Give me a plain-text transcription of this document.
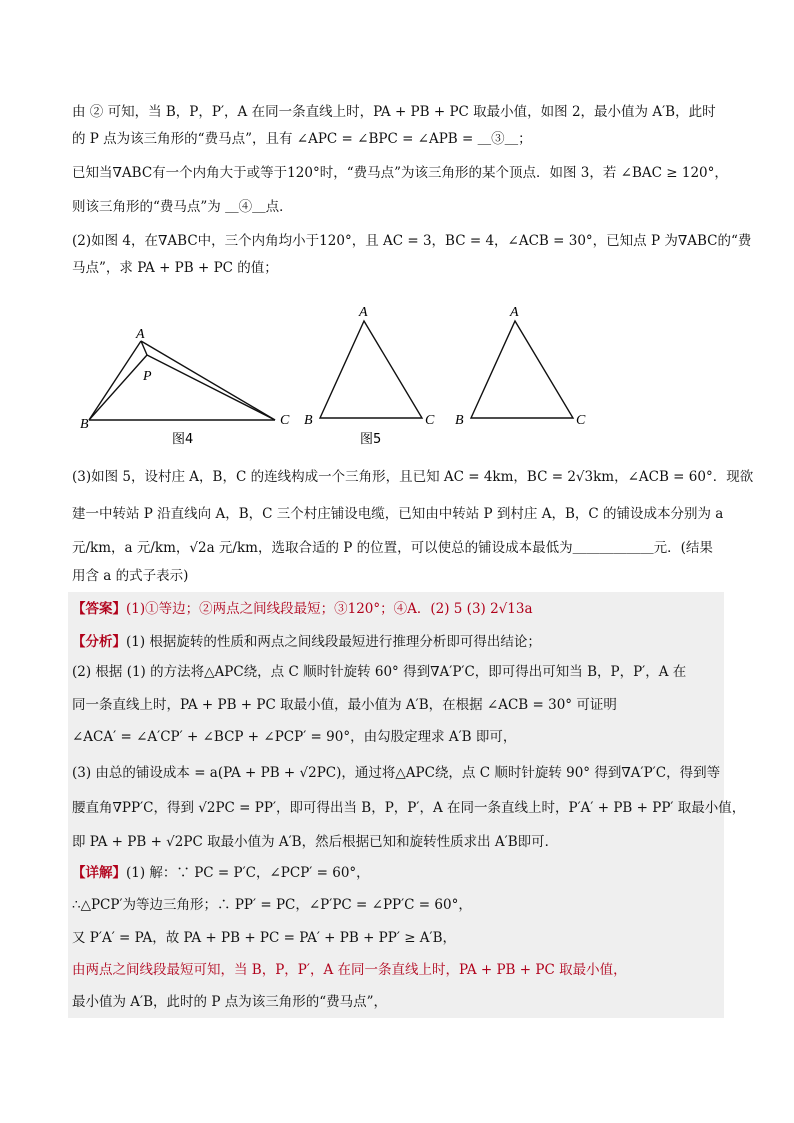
由 ② 可知，当 B，P，P′，A 在同一条直线上时，PA + PB + PC 取最小值，如图 2，最小值为 A′B，此时
的 P 点为该三角形的“费马点”，且有 ∠APC = ∠BPC = ∠APB = ＿③＿；
已知当∇ABC有一个内角大于或等于120°时，“费马点”为该三角形的某个顶点．如图 3，若 ∠BAC ≥ 120°，
则该三角形的“费马点”为 ＿④＿点．
(2)如图 4，在∇ABC中，三个内角均小于120°，且 AC = 3，BC = 4，∠ACB = 30°，已知点 P 为∇ABC的“费
马点”，求 PA + PB + PC 的值；
A
P
B	C
图4
A
B	C
图5
A
B	C
(3)如图 5，设村庄 A，B，C 的连线构成一个三角形，且已知 AC = 4km，BC = 2√3km，∠ACB = 60°．现欲
建一中转站 P 沿直线向 A，B，C 三个村庄铺设电缆，已知由中转站 P 到村庄 A，B，C 的铺设成本分别为 a
元/km，a 元/km，√2a 元/km，选取合适的 P 的位置，可以使总的铺设成本最低为＿＿＿＿＿＿元．(结果
用含 a 的式子表示)
【答案】(1)①等边；②两点之间线段最短；③120°；④A．(2) 5 (3) 2√13a
【分析】(1) 根据旋转的性质和两点之间线段最短进行推理分析即可得出结论；
(2) 根据 (1) 的方法将△APC绕，点 C 顺时针旋转 60° 得到∇A′P′C，即可得出可知当 B，P，P′，A 在
同一条直线上时，PA + PB + PC 取最小值，最小值为 A′B，在根据 ∠ACB = 30° 可证明
∠ACA′ = ∠A′CP′ + ∠BCP + ∠PCP′ = 90°，由勾股定理求 A′B 即可，
(3) 由总的铺设成本 = a(PA + PB + √2PC)，通过将△APC绕，点 C 顺时针旋转 90° 得到∇A′P′C，得到等
腰直角∇PP′C，得到 √2PC = PP′，即可得出当 B，P，P′，A 在同一条直线上时，P′A′ + PB + PP′ 取最小值，
即 PA + PB + √2PC 取最小值为 A′B，然后根据已知和旋转性质求出 A′B即可．
【详解】(1) 解：∵ PC = P′C，∠PCP′ = 60°，
∴△PCP′为等边三角形；∴ PP′ = PC，∠P′PC = ∠PP′C = 60°，
又 P′A′ = PA，故 PA + PB + PC = PA′ + PB + PP′ ≥ A′B，
由两点之间线段最短可知，当 B，P，P′，A 在同一条直线上时，PA + PB + PC 取最小值，
最小值为 A′B，此时的 P 点为该三角形的“费马点”，
